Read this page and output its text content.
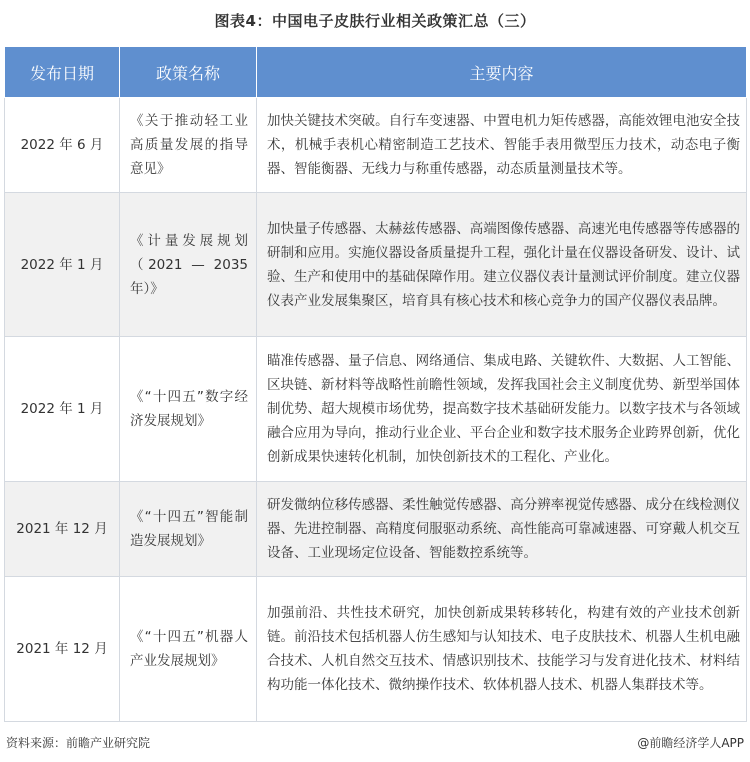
图表4：中国电子皮肤行业相关政策汇总（三）
发布日期	政策名称	主要内容
2022 年 6 月	《关于推动轻工业高质量发展的指导意见》	加快关键技术突破。自行车变速器、中置电机力矩传感器，高能效锂电池安全技术，机械手表机心精密制造工艺技术、智能手表用微型压力技术，动态电子衡器、智能衡器、无线力与称重传感器，动态质量测量技术等。
2022 年 1 月	《计量发展规划（2021 — 2035 年）》	加快量子传感器、太赫兹传感器、高端图像传感器、高速光电传感器等传感器的研制和应用。实施仪器设备质量提升工程，强化计量在仪器设备研发、设计、试验、生产和使用中的基础保障作用。建立仪器仪表计量测试评价制度。建立仪器仪表产业发展集聚区，培育具有核心技术和核心竞争力的国产仪器仪表品牌。
2022 年 1 月	《“十四五”数字经济发展规划》	瞄准传感器、量子信息、网络通信、集成电路、关键软件、大数据、人工智能、区块链、新材料等战略性前瞻性领域，发挥我国社会主义制度优势、新型举国体制优势、超大规模市场优势，提高数字技术基础研发能力。以数字技术与各领域融合应用为导向，推动行业企业、平台企业和数字技术服务企业跨界创新，优化创新成果快速转化机制，加快创新技术的工程化、产业化。
2021 年 12 月	《“十四五”智能制造发展规划》	研发微纳位移传感器、柔性触觉传感器、高分辨率视觉传感器、成分在线检测仪器、先进控制器、高精度伺服驱动系统、高性能高可靠减速器、可穿戴人机交互设备、工业现场定位设备、智能数控系统等。
2021 年 12 月	《“十四五”机器人产业发展规划》	加强前沿、共性技术研究，加快创新成果转移转化，构建有效的产业技术创新链。前沿技术包括机器人仿生感知与认知技术、电子皮肤技术、机器人生机电融合技术、人机自然交互技术、情感识别技术、技能学习与发育进化技术、材料结构功能一体化技术、微纳操作技术、软体机器人技术、机器人集群技术等。
资料来源：前瞻产业研究院	@前瞻经济学人APP
